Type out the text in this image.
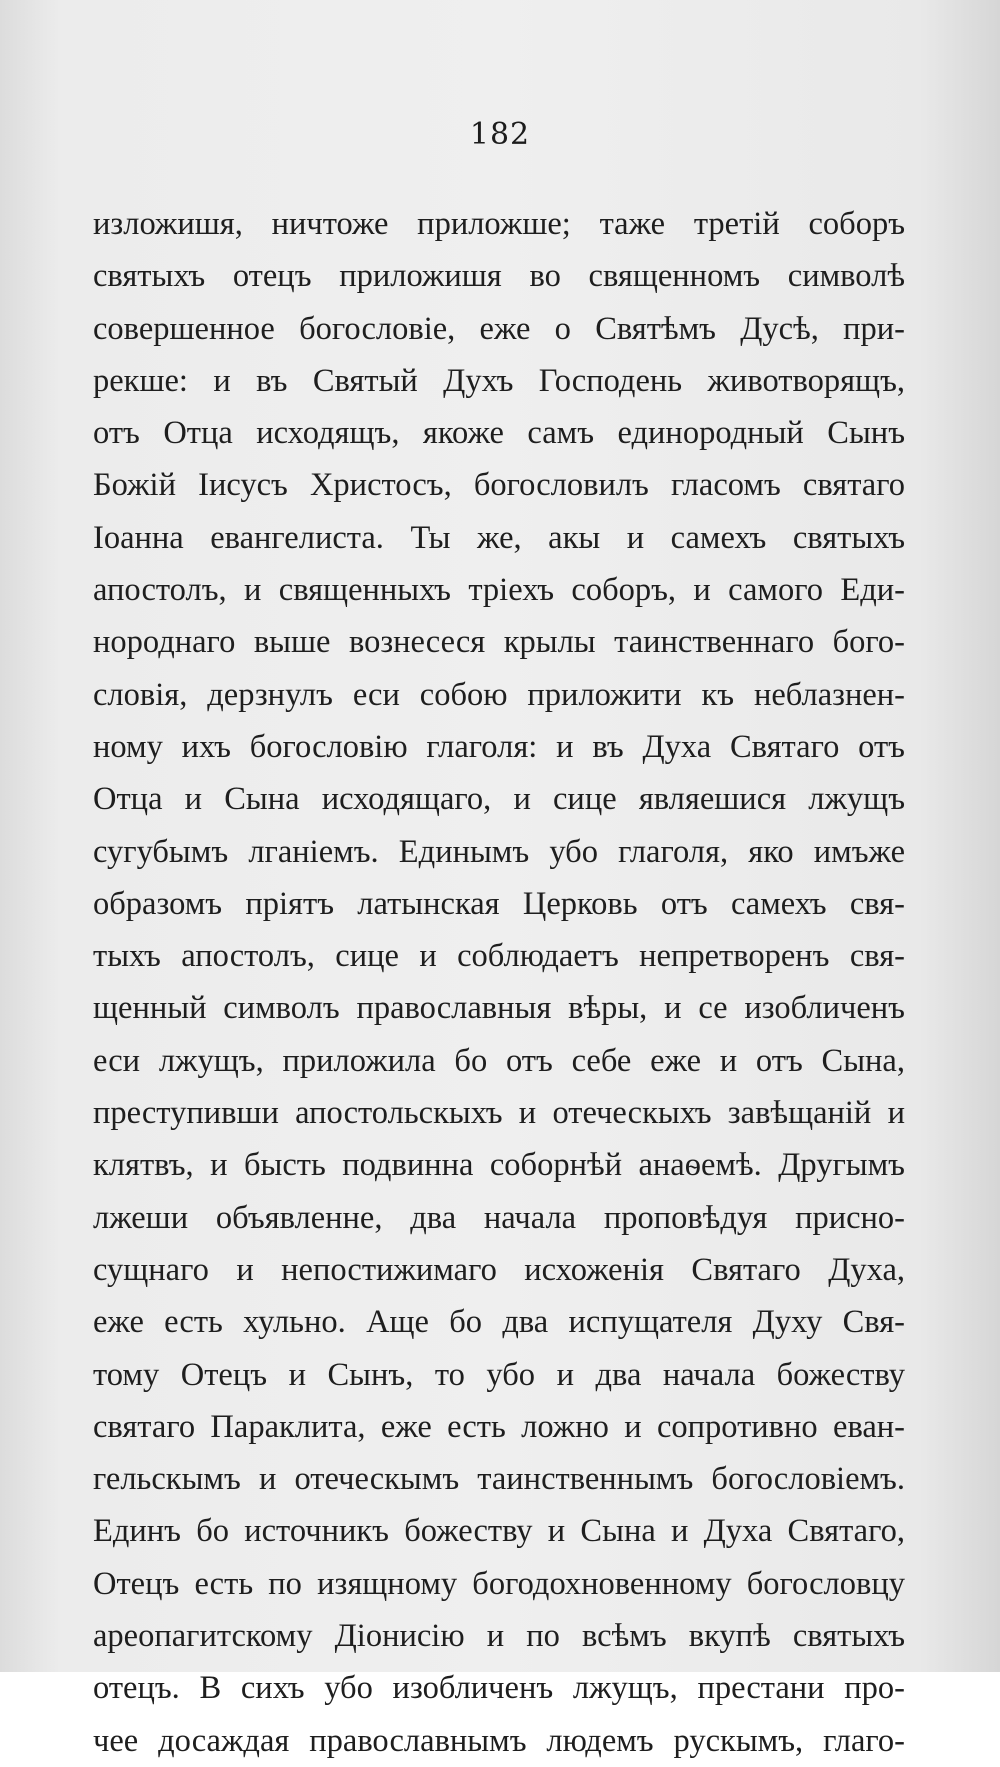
182
изложишя, ничтоже приложше; таже третій соборъ
святыхъ отецъ приложишя во священномъ символѣ
совершенное богословіе, еже о Святѣмъ Дусѣ, при-
рекше: и въ Святый Духъ Господень животворящъ,
отъ Отца исходящъ, якоже самъ единородный Сынъ
Божій Іисусъ Христосъ, богословилъ гласомъ святаго
Іоанна евангелиста. Ты же, акы и самехъ святыхъ
апостолъ, и священныхъ тріехъ соборъ, и самого Еди-
нороднаго выше вознесеся крылы таинственнаго бого-
словія, дерзнулъ еси собою приложити къ неблазнен-
ному ихъ богословію глаголя: и въ Духа Святаго отъ
Отца и Сына исходящаго, и сице являешися лжущъ
сугубымъ лганіемъ. Единымъ убо глаголя, яко имъже
образомъ пріятъ латынская Церковь отъ самехъ свя-
тыхъ апостолъ, сице и соблюдаетъ непретворенъ свя-
щенный символъ православныя вѣры, и се изобличенъ
еси лжущъ, приложила бо отъ себе еже и отъ Сына,
преступивши апостольскыхъ и отеческыхъ завѣщаній и
клятвъ, и бысть подвинна соборнѣй анаѳемѣ. Другымъ
лжеши объявленне, два начала проповѣдуя присно-
сущнаго и непостижимаго исхоженія Святаго Духа,
еже есть хульно. Аще бо два испущателя Духу Свя-
тому Отецъ и Сынъ, то убо и два начала божеству
святаго Параклита, еже есть ложно и сопротивно еван-
гельскымъ и отеческымъ таинственнымъ богословіемъ.
Единъ бо источникъ божеству и Сына и Духа Святаго,
Отецъ есть по изящному богодохновенному богословцу
ареопагитскому Діонисію и по всѣмъ вкупѣ святыхъ
отецъ. В сихъ убо изобличенъ лжущъ, престани про-
чее досаждая православнымъ людемъ рускымъ, глаго-
